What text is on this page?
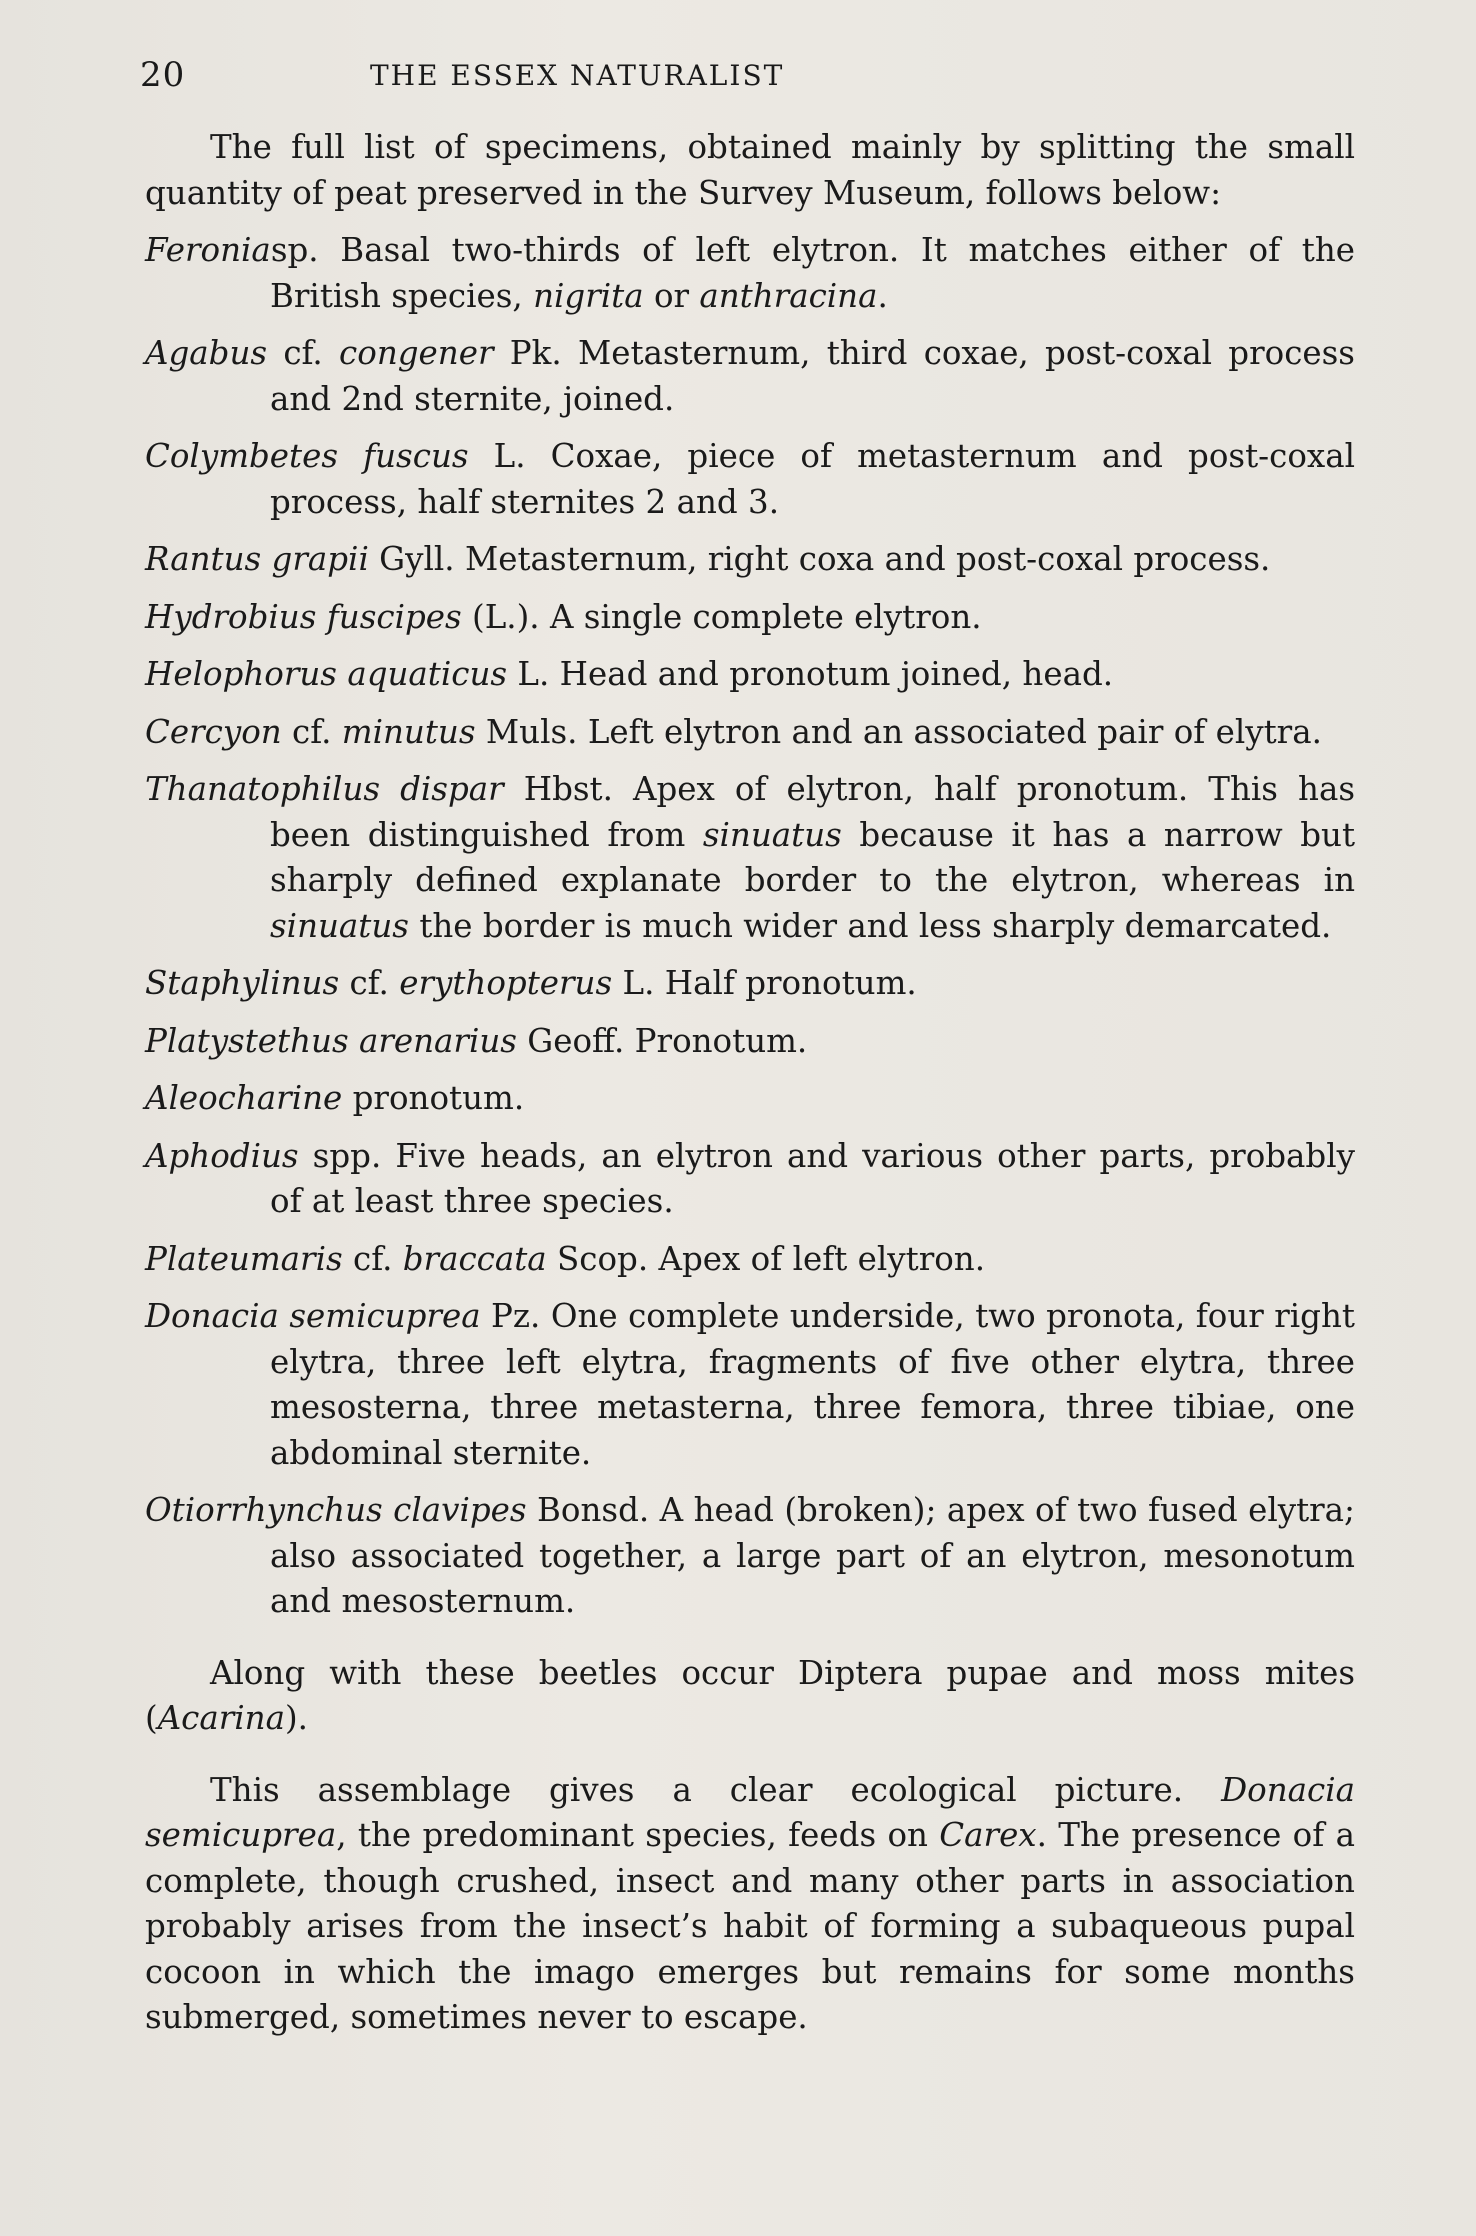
20	THE ESSEX NATURALIST

The full list of specimens, obtained mainly by splitting the small quantity of peat preserved in the Survey Museum, follows below:

Feroniasp. Basal two-thirds of left elytron. It matches either of the British species, nigrita or anthracina.

Agabus cf. congener Pk. Metasternum, third coxae, post-coxal process and 2nd sternite, joined.

Colymbetes fuscus L. Coxae, piece of metasternum and post-coxal process, half sternites 2 and 3.

Rantus grapii Gyll. Metasternum, right coxa and post-coxal process.

Hydrobius fuscipes (L.). A single complete elytron.

Helophorus aquaticus L. Head and pronotum joined, head.

Cercyon cf. minutus Muls. Left elytron and an associated pair of elytra.

Thanatophilus dispar Hbst. Apex of elytron, half pronotum. This has been distinguished from sinuatus because it has a narrow but sharply defined explanate border to the elytron, whereas in sinuatus the border is much wider and less sharply demarcated.

Staphylinus cf. erythopterus L. Half pronotum.

Platystethus arenarius Geoff. Pronotum.

Aleocharine pronotum.

Aphodius spp. Five heads, an elytron and various other parts, probably of at least three species.

Plateumaris cf. braccata Scop. Apex of left elytron.

Donacia semicuprea Pz. One complete underside, two pronota, four right elytra, three left elytra, fragments of five other elytra, three mesosterna, three metasterna, three femora, three tibiae, one abdominal sternite.

Otiorrhynchus clavipes Bonsd. A head (broken); apex of two fused elytra; also associated together, a large part of an elytron, mesonotum and mesosternum.

Along with these beetles occur Diptera pupae and moss mites (Acarina).

This assemblage gives a clear ecological picture. Donacia semicuprea, the predominant species, feeds on Carex. The presence of a complete, though crushed, insect and many other parts in association probably arises from the insect’s habit of forming a subaqueous pupal cocoon in which the imago emerges but remains for some months submerged, sometimes never to escape.
